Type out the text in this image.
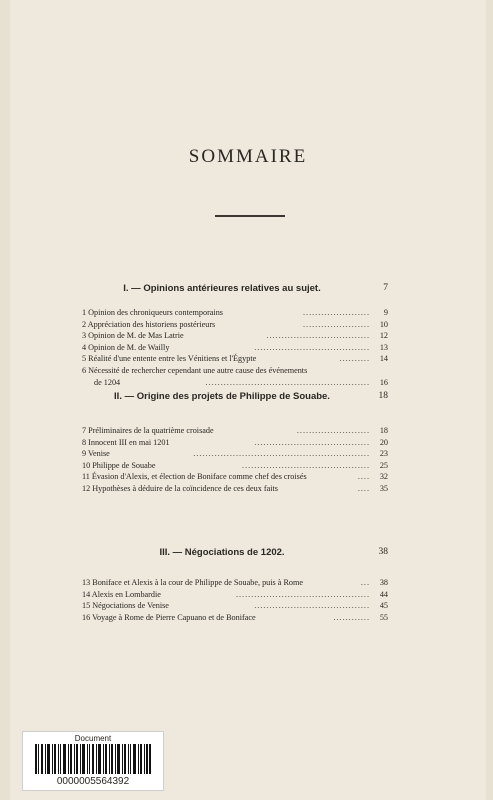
SOMMAIRE
I. — Opinions antérieures relatives au sujet.	7
1 Opinion des chroniqueurs contemporains	......................	9
2 Appréciation des historiens postérieurs	......................	10
3 Opinion de M. de Mas Latrie	..................................	12
4 Opinion de M. de Wailly	......................................	13
5 Réalité d'une entente entre les Vénitiens et l'Égypte	..........	14
6 Nécessité de rechercher cependant une autre cause des événements
de 1204	......................................................	16
II. — Origine des projets de Philippe de Souabe.	18
7 Préliminaires de la quatrième croisade	........................	18
8 Innocent III en mai 1201	......................................	20
9 Venise	..........................................................	23
10 Philippe de Souabe	..........................................	25
11 Évasion d'Alexis, et élection de Boniface comme chef des croisés	....	32
12 Hypothèses à déduire de la coïncidence de ces deux faits	....	35
III. — Négociations de 1202.	38
13 Boniface et Alexis à la cour de Philippe de Souabe, puis à Rome	...	38
14 Alexis en Lombardie	............................................	44
15 Négociations de Venise	......................................	45
16 Voyage à Rome de Pierre Capuano et de Boniface	............	55
Document
0000005564392
